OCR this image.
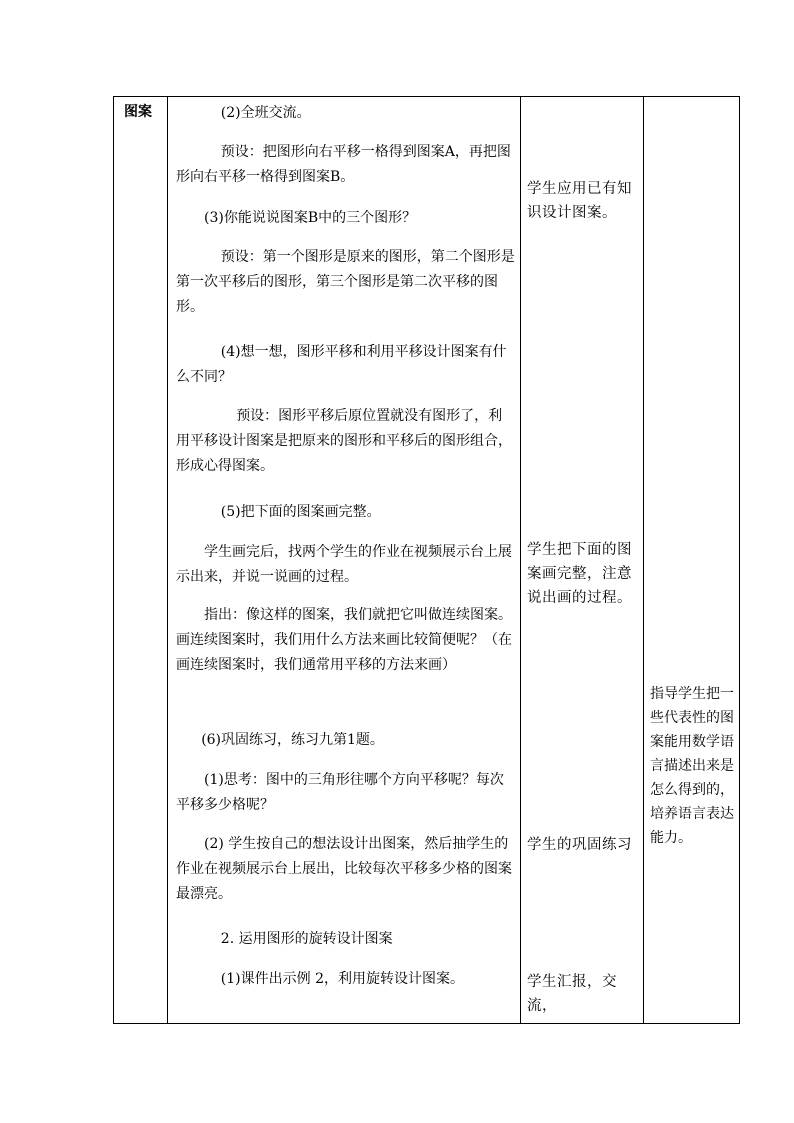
图案	(2)全班交流。
预设：把图形向右平移一格得到图案A，再把图形向右平移一格得到图案B。
(3)你能说说图案B中的三个图形？
预设：第一个图形是原来的图形，第二个图形是第一次平移后的图形，第三个图形是第二次平移的图形。
(4)想一想，图形平移和利用平移设计图案有什么不同？
预设：图形平移后原位置就没有图形了，利用平移设计图案是把原来的图形和平移后的图形组合，形成心得图案。
(5)把下面的图案画完整。
学生画完后，找两个学生的作业在视频展示台上展示出来，并说一说画的过程。
指出：像这样的图案，我们就把它叫做连续图案。画连续图案时，我们用什么方法来画比较简便呢？（在画连续图案时，我们通常用平移的方法来画）
(6)巩固练习，练习九第1题。
(1)思考：图中的三角形往哪个方向平移呢？每次平移多少格呢？
(2) 学生按自己的想法设计出图案，然后抽学生的作业在视频展示台上展出，比较每次平移多少格的图案最漂亮。
2. 运用图形的旋转设计图案
(1)课件出示例 2，利用旋转设计图案。
学生应用已有知识设计图案。
学生把下面的图案画完整，注意说出画的过程。
学生的巩固练习
学生汇报，交流，
指导学生把一些代表性的图案能用数学语言描述出来是怎么得到的，培养语言表达能力。
